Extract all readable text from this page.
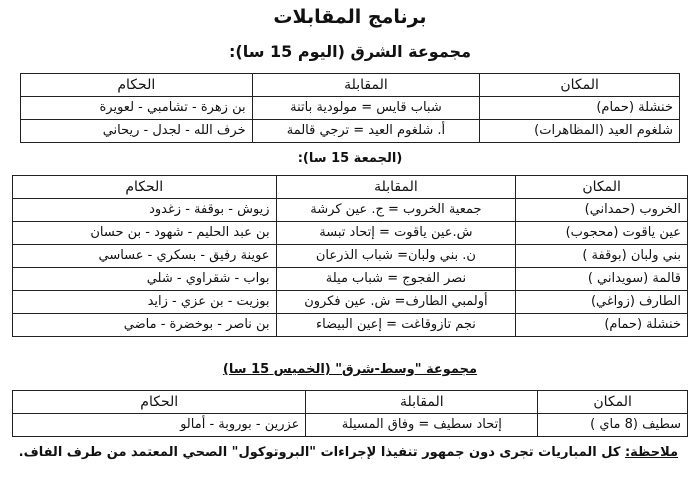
برنامج المقابلات
مجموعة الشرق (اليوم 15 سا):
المكان	المقابلة	الحكام
خنشلة (حمام)	شباب قايس = مولودية باتنة	بن زهرة - تشامبي - لعويرة
شلغوم العيد (المظاهرات)	أ. شلغوم العيد = ترجي قالمة	خرف الله - لجدل - ريحاني
(الجمعة 15 سا):
المكان	المقابلة	الحكام
الخروب (حمداني)	جمعية الخروب = ج. عين كرشة	زيوش - بوقفة - زغدود
عين ياقوت (محجوب)	ش.عين ياقوت = إتحاد تبسة	بن عبد الحليم - شهود - بن حسان
بني ولبان (بوقفة )	ن. بني ولبان= شباب الذرعان	عوينة رفيق - بسكري - عساسي
قالمة (سويداني )	نصر الفجوج = شباب ميلة	بواب - شقراوي - شلي
الطارف (زواغي)	أولمبي الطارف= ش. عين فكرون	بوزيت - بن عزي - زايد
خنشلة (حمام)	نجم تازوقاغت = إعين البيضاء	بن ناصر - بوخضرة - ماضي
مجموعة "وسط-شرق" (الخميس 15 سا)
المكان	المقابلة	الحكام
سطيف (8 ماي )	إتحاد سطيف = وفاق المسيلة	عزرين - بوروبة - أمالو
ملاحظة: كل المباريات تجرى دون جمهور تنفيذا لإجراءات "البروتوكول" الصحي المعتمد من طرف الفاف.
